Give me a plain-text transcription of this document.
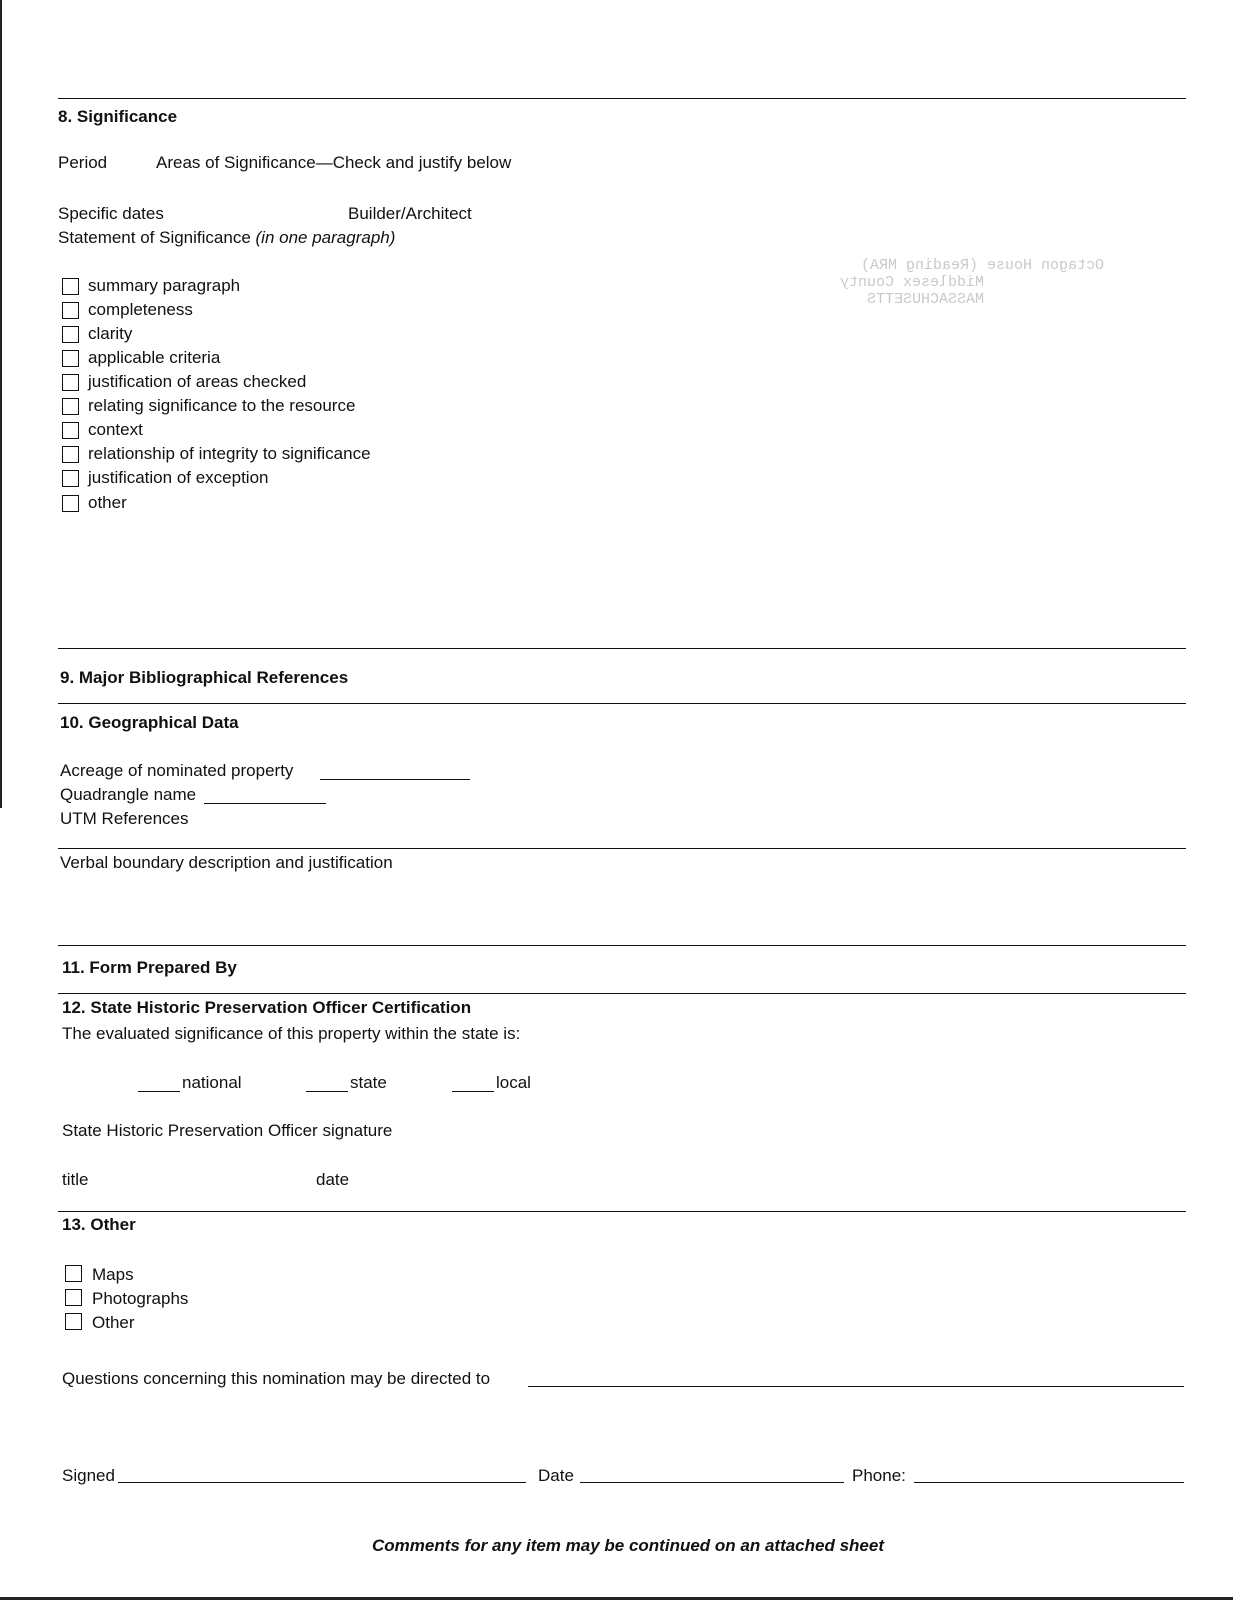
Octagon House (Reading MRA)
Middlesex County
MASSACHUSETTS
8. Significance
Period	Areas of Significance—Check and justify below
Specific dates	Builder/Architect
Statement of Significance (in one paragraph)
summary paragraph
completeness
clarity
applicable criteria
justification of areas checked
relating significance to the resource
context
relationship of integrity to significance
justification of exception
other
9. Major Bibliographical References
10. Geographical Data
Acreage of nominated property
Quadrangle name
UTM References
Verbal boundary description and justification
11. Form Prepared By
12. State Historic Preservation Officer Certification
The evaluated significance of this property within the state is:
national	state	local
State Historic Preservation Officer signature
title	date
13. Other
Maps
Photographs
Other
Questions concerning this nomination may be directed to
Signed	Date	Phone:
Comments for any item may be continued on an attached sheet
